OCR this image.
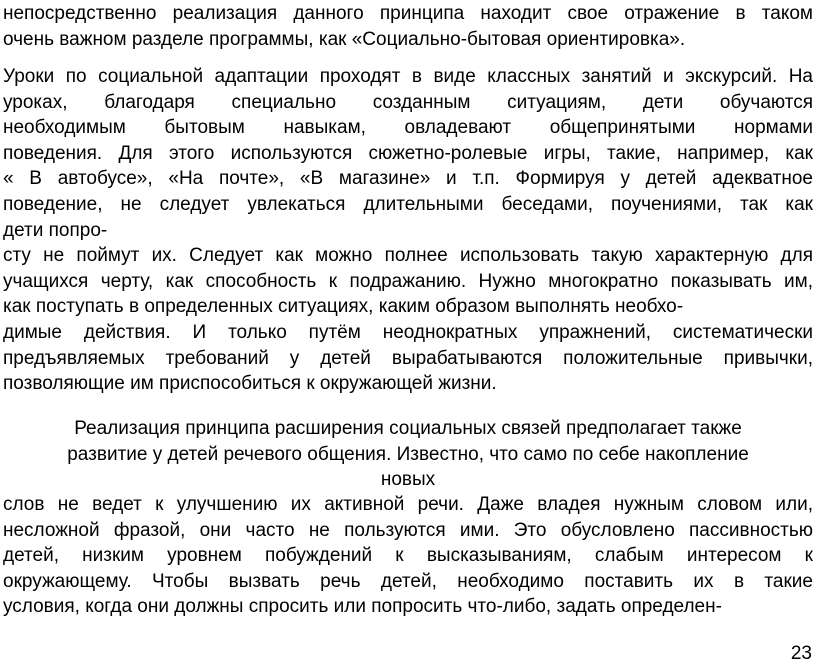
непосредственно реализация данного принципа находит свое отражение в таком
очень важном разделе программы, как «Социально-бытовая ориентировка».
Уроки по социальной адаптации проходят в виде классных занятий и экскурсий. На
уроках, благодаря специально созданным ситуациям, дети обучаются
необходимым бытовым навыкам, овладевают общепринятыми нормами
поведения. Для этого используются сюжетно-ролевые игры, такие, например, как
« В автобусе», «На почте», «В магазине» и т.п. Формируя у детей адекватное
поведение, не следует увлекаться длительными беседами, поучениями, так как
дети попро-
сту не поймут их. Следует как можно полнее использовать такую характерную для
учащихся черту, как способность к подражанию. Нужно многократно показывать им,
как поступать в определенных ситуациях, каким образом выполнять необхо-
димые действия. И только путём неоднократных упражнений, систематически
предъявляемых требований у детей вырабатываются положительные привычки,
позволяющие им приспособиться к окружающей жизни.
Реализация принципа расширения социальных связей предполагает также
развитие у детей речевого общения. Известно, что само по себе накопление
новых
слов не ведет к улучшению их активной речи. Даже владея нужным словом или,
несложной фразой, они часто не пользуются ими. Это обусловлено пассивностью
детей, низким уровнем побуждений к высказываниям, слабым интересом к
окружающему. Чтобы вызвать речь детей, необходимо поставить их в такие
условия, когда они должны спросить или попросить что-либо, задать определен-
23
